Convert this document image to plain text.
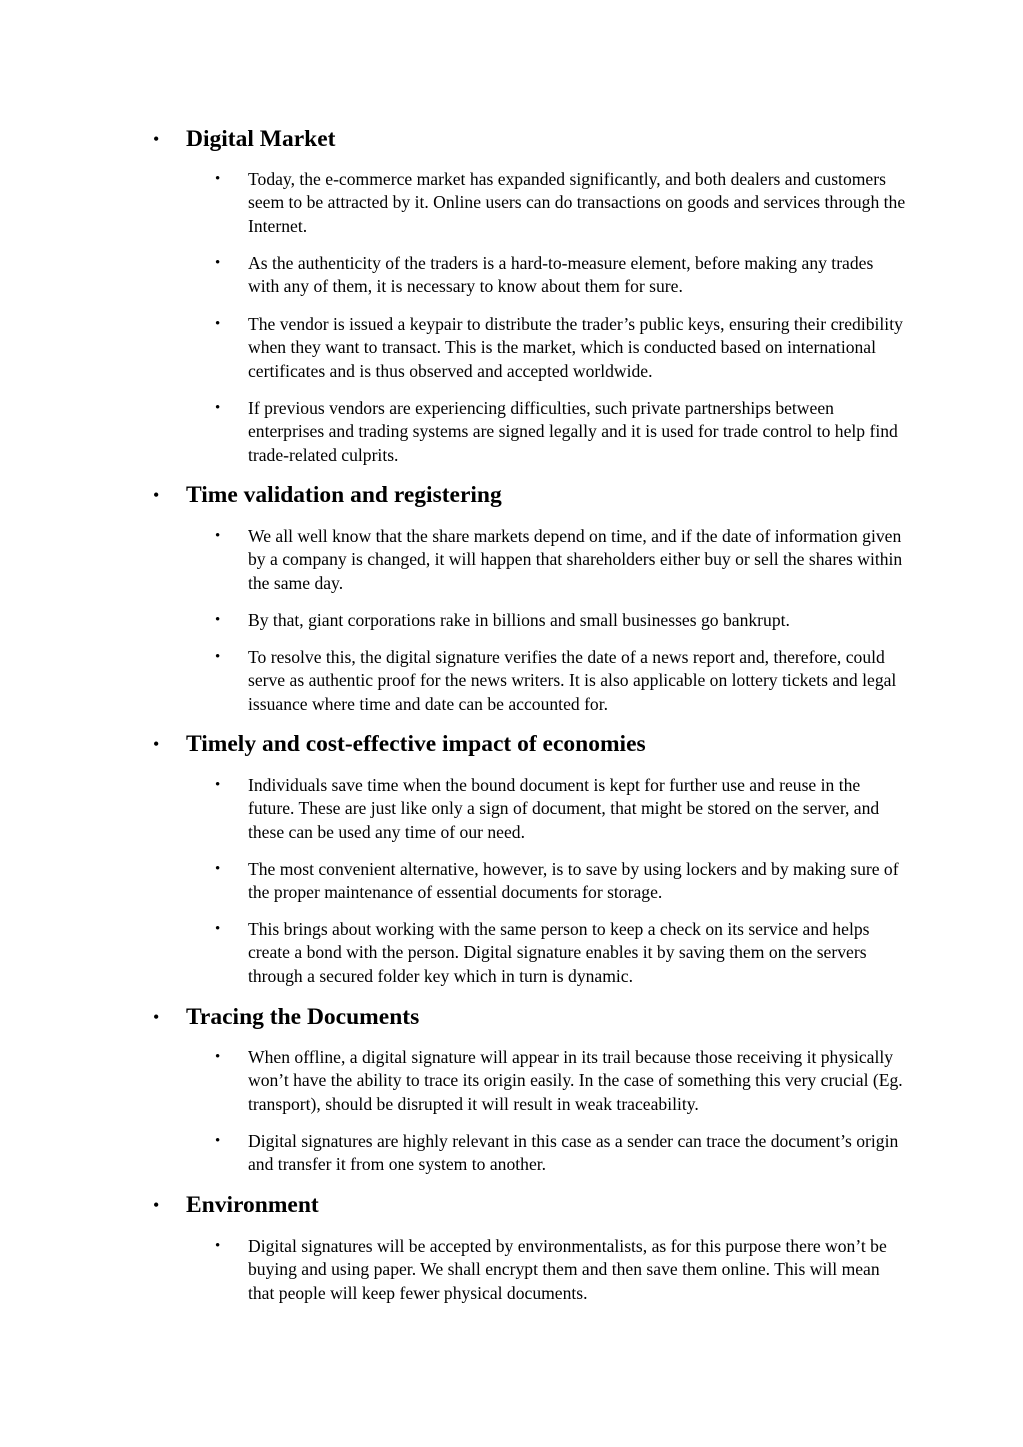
• Digital Market
• Today, the e-commerce market has expanded significantly, and both dealers and customers seem to be attracted by it. Online users can do transactions on goods and services through the Internet.

• As the authenticity of the traders is a hard-to-measure element, before making any trades with any of them, it is necessary to know about them for sure.

• The vendor is issued a keypair to distribute the trader’s public keys, ensuring their credibility when they want to transact. This is the market, which is conducted based on international certificates and is thus observed and accepted worldwide.

• If previous vendors are experiencing difficulties, such private partnerships between enterprises and trading systems are signed legally and it is used for trade control to help find trade-related culprits.

• Time validation and registering
• We all well know that the share markets depend on time, and if the date of information given by a company is changed, it will happen that shareholders either buy or sell the shares within the same day.

• By that, giant corporations rake in billions and small businesses go bankrupt.

• To resolve this, the digital signature verifies the date of a news report and, therefore, could serve as authentic proof for the news writers. It is also applicable on lottery tickets and legal issuance where time and date can be accounted for.

• Timely and cost-effective impact of economies
• Individuals save time when the bound document is kept for further use and reuse in the future. These are just like only a sign of document, that might be stored on the server, and these can be used any time of our need.

• The most convenient alternative, however, is to save by using lockers and by making sure of the proper maintenance of essential documents for storage.

• This brings about working with the same person to keep a check on its service and helps create a bond with the person. Digital signature enables it by saving them on the servers through a secured folder key which in turn is dynamic.

• Tracing the Documents
• When offline, a digital signature will appear in its trail because those receiving it physically won’t have the ability to trace its origin easily. In the case of something this very crucial (Eg. transport), should be disrupted it will result in weak traceability.

• Digital signatures are highly relevant in this case as a sender can trace the document’s origin and transfer it from one system to another.

• Environment
• Digital signatures will be accepted by environmentalists, as for this purpose there won’t be buying and using paper. We shall encrypt them and then save them online. This will mean that people will keep fewer physical documents.
